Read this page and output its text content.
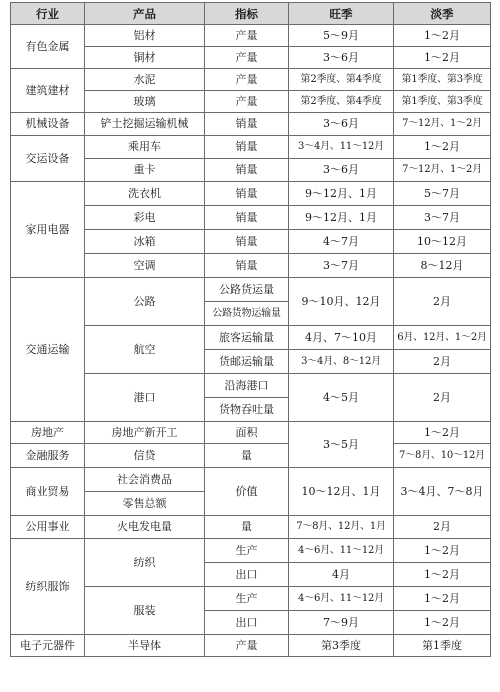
行业	产品	指标	旺季	淡季
有色金属	铝材	产量	5～9月	1～2月
	铜材	产量	3～6月	1～2月
建筑建材	水泥	产量	第2季度、第4季度	第1季度、第3季度
	玻璃	产量	第2季度、第4季度	第1季度、第3季度
机械设备	铲土挖掘运输机械	销量	3～6月	7～12月、1～2月
交运设备	乘用车	销量	3～4月、11～12月	1～2月
	重卡	销量	3～6月	7～12月、1～2月
家用电器	洗衣机	销量	9～12月、1月	5～7月
	彩电	销量	9～12月、1月	3～7月
	冰箱	销量	4～7月	10～12月
	空调	销量	3～7月	8～12月
交通运输	公路	公路货运量	9～10月、12月	2月
		公路货物运输量		
	航空	旅客运输量	4月、7～10月	6月、12月、1～2月
		货邮运输量	3～4月、8～12月	2月
	港口	沿海港口	4～5月	2月
		货物吞吐量		
房地产	房地产新开工	面积	3～5月	1～2月
金融服务	信贷	量		7～8月、10～12月
商业贸易	社会消费品	价值	10～12月、1月	3～4月、7～8月
	零售总额			
公用事业	火电发电量	量	7～8月、12月、1月	2月
纺织服饰	纺织	生产	4～6月、11～12月	1～2月
		出口	4月	1～2月
	服装	生产	4～6月、11～12月	1～2月
		出口	7～9月	1～2月
电子元器件	半导体	产量	第3季度	第1季度
